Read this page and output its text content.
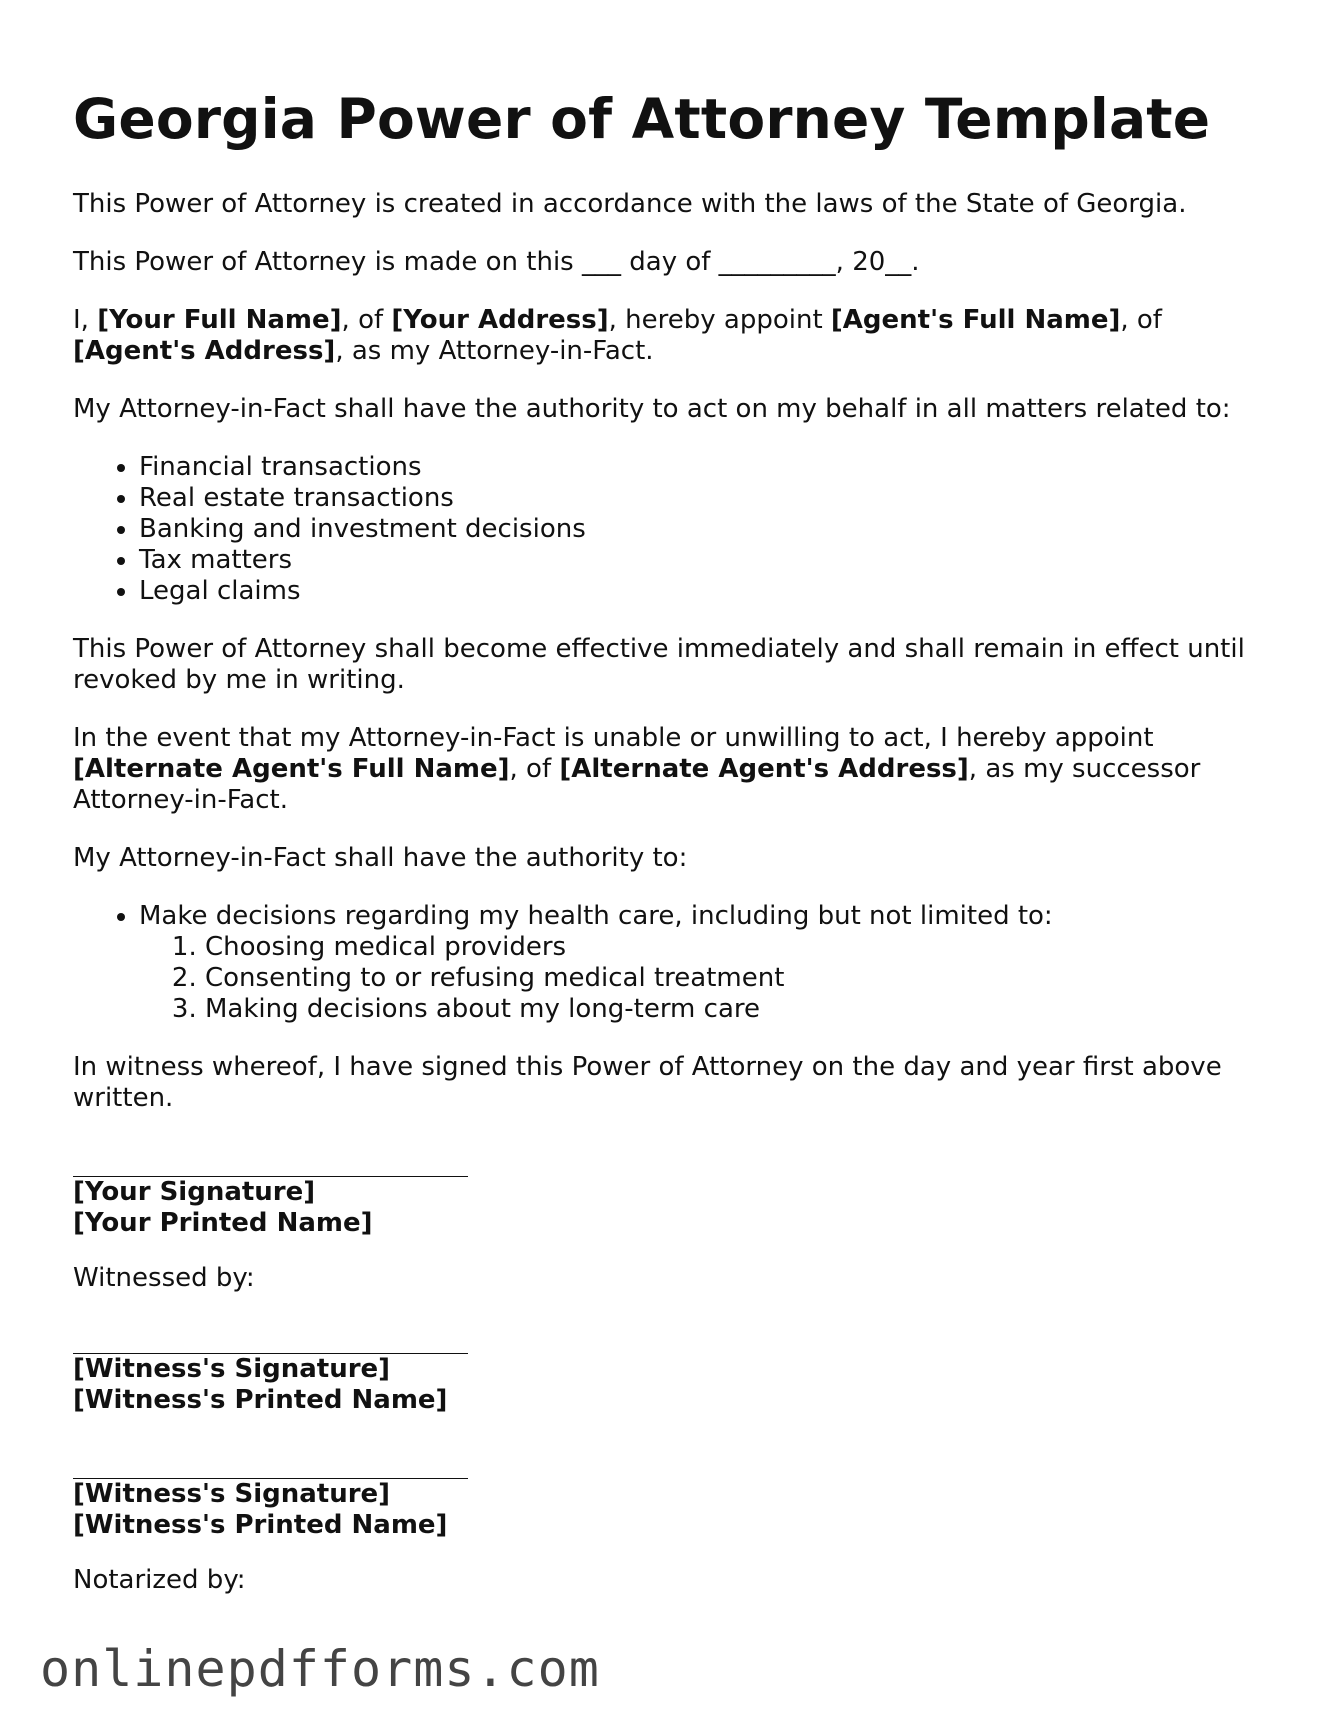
Georgia Power of Attorney Template

This Power of Attorney is created in accordance with the laws of the State of Georgia.

This Power of Attorney is made on this ___ day of _________, 20__.

I, [Your Full Name], of [Your Address], hereby appoint [Agent's Full Name], of [Agent's Address], as my Attorney-in-Fact.

My Attorney-in-Fact shall have the authority to act on my behalf in all matters related to:

• Financial transactions
• Real estate transactions
• Banking and investment decisions
• Tax matters
• Legal claims

This Power of Attorney shall become effective immediately and shall remain in effect until revoked by me in writing.

In the event that my Attorney-in-Fact is unable or unwilling to act, I hereby appoint [Alternate Agent's Full Name], of [Alternate Agent's Address], as my successor Attorney-in-Fact.

My Attorney-in-Fact shall have the authority to:

• Make decisions regarding my health care, including but not limited to:
1. Choosing medical providers
2. Consenting to or refusing medical treatment
3. Making decisions about my long-term care

In witness whereof, I have signed this Power of Attorney on the day and year first above written.

[Your Signature]
[Your Printed Name]

Witnessed by:

[Witness's Signature]
[Witness's Printed Name]
[Witness's Signature]
[Witness's Printed Name]

Notarized by:

onlinepdfforms.com
